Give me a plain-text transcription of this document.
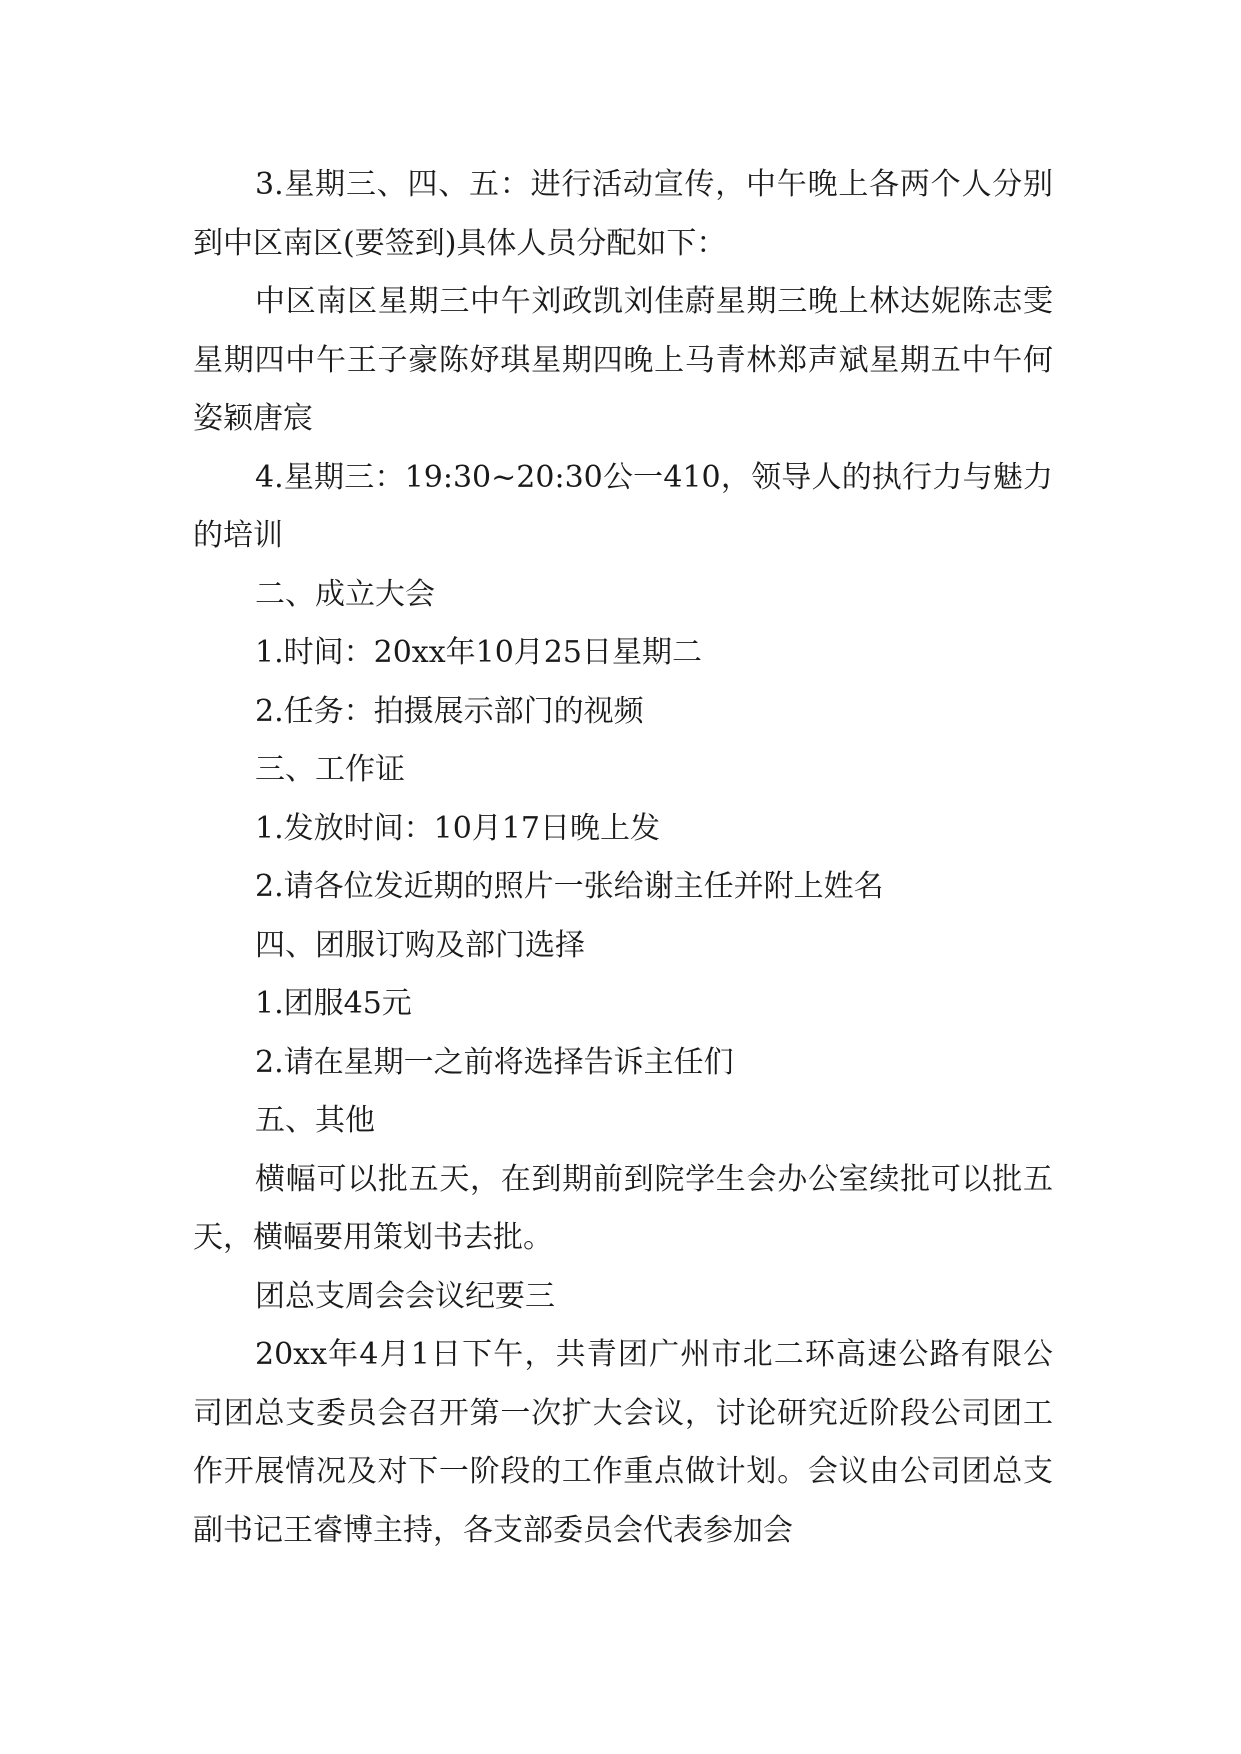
3.星期三、四、五：进行活动宣传，中午晚上各两个人分别到中区南区(要签到)具体人员分配如下：

中区南区星期三中午刘政凯刘佳蔚星期三晚上林达妮陈志雯星期四中午王子豪陈妤琪星期四晚上马青林郑声斌星期五中午何姿颖唐宸

4.星期三：19:30~20:30公一410，领导人的执行力与魅力的培训

二、成立大会

1.时间：20xx年10月25日星期二

2.任务：拍摄展示部门的视频

三、工作证

1.发放时间：10月17日晚上发

2.请各位发近期的照片一张给谢主任并附上姓名

四、团服订购及部门选择

1.团服45元

2.请在星期一之前将选择告诉主任们

五、其他

横幅可以批五天，在到期前到院学生会办公室续批可以批五天，横幅要用策划书去批。

团总支周会会议纪要三

20xx年4月1日下午，共青团广州市北二环高速公路有限公司团总支委员会召开第一次扩大会议，讨论研究近阶段公司团工作开展情况及对下一阶段的工作重点做计划。会议由公司团总支副书记王睿博主持，各支部委员会代表参加会
